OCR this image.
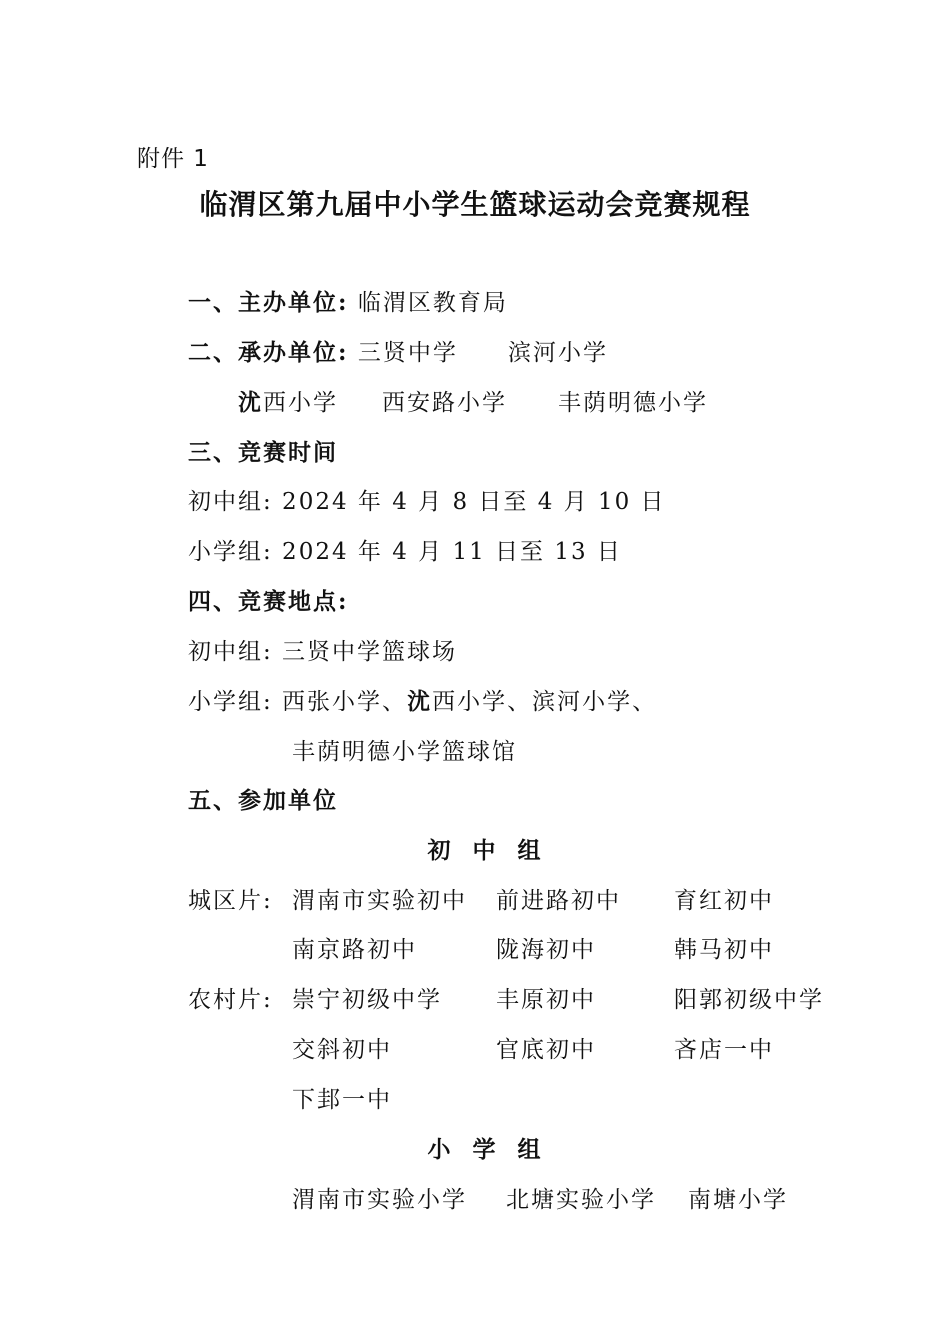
附件 1
临渭区第九届中小学生篮球运动会竞赛规程
一、主办单位: 临渭区教育局
二、承办单位: 三贤中学 滨河小学
沋西小学 西安路小学 丰荫明德小学
三、竞赛时间
初中组: 2024 年 4 月 8 日至 4 月 10 日
小学组: 2024 年 4 月 11 日至 13 日
四、竞赛地点:
初中组: 三贤中学篮球场
小学组: 西张小学、沋西小学、滨河小学、
丰荫明德小学篮球馆
五、参加单位
初中组
城区片: 渭南市实验初中 前进路初中 育红初中
南京路初中	陇海初中	韩马初中
农村片: 崇宁初级中学 丰原初中	阳郭初级中学
交斜初中	官底初中	吝店一中
下邽一中
小学组
渭南市实验小学 北塘实验小学 南塘小学
